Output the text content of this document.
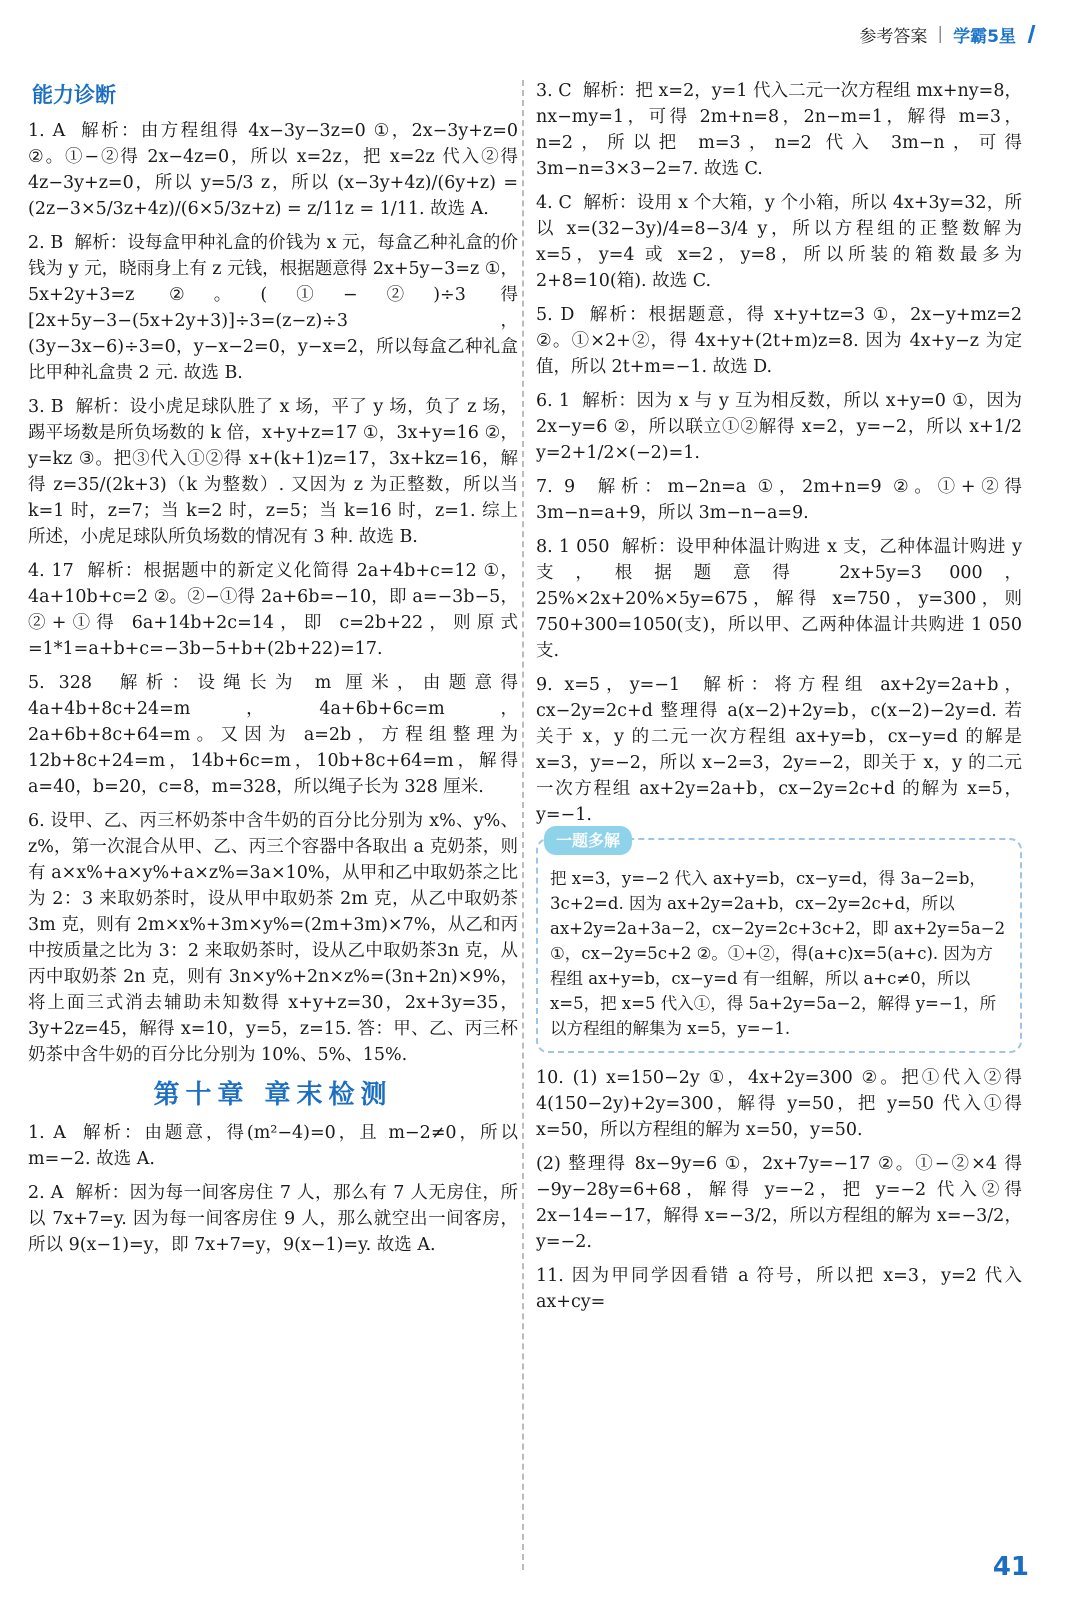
参考答案 | 学霸5星
能力诊断

1. A  解析：由方程组得 4x−3y−3z=0 ①，2x−3y+z=0 ②。①−②得 2x−4z=0，所以 x=2z，把 x=2z 代入②得 4z−3y+z=0，所以 y=5/3 z，所以 (x−3y+4z)/(6y+z) = (2z−3×5/3z+4z)/(6×5/3z+z) = z/11z = 1/11. 故选 A.

2. B  解析：设每盒甲种礼盒的价钱为 x 元，每盒乙种礼盒的价钱为 y 元，晓雨身上有 z 元钱，根据题意得 2x+5y−3=z ①，5x+2y+3=z ②。(①−②)÷3 得[2x+5y−3−(5x+2y+3)]÷3=(z−z)÷3，(3y−3x−6)÷3=0，y−x−2=0，y−x=2，所以每盒乙种礼盒比甲种礼盒贵 2 元. 故选 B.

3. B  解析：设小虎足球队胜了 x 场，平了 y 场，负了 z 场，踢平场数是所负场数的 k 倍，x+y+z=17 ①，3x+y=16 ②，y=kz ③。把③代入①②得 x+(k+1)z=17，3x+kz=16，解得 z=35/(2k+3)（k 为整数）. 又因为 z 为正整数，所以当 k=1 时，z=7；当 k=2 时，z=5；当 k=16 时，z=1. 综上所述，小虎足球队所负场数的情况有 3 种. 故选 B.

4. 17  解析：根据题中的新定义化简得 2a+4b+c=12 ①，4a+10b+c=2 ②。②−①得 2a+6b=−10，即 a=−3b−5，②+①得 6a+14b+2c=14，即 c=2b+22，则原式=1*1=a+b+c=−3b−5+b+(2b+22)=17.

5. 328  解析：设绳长为 m 厘米，由题意得 4a+4b+8c+24=m，4a+6b+6c=m，2a+6b+8c+64=m。又因为 a=2b，方程组整理为 12b+8c+24=m，14b+6c=m，10b+8c+64=m，解得 a=40，b=20，c=8，m=328，所以绳子长为 328 厘米.

6. 设甲、乙、丙三杯奶茶中含牛奶的百分比分别为 x%、y%、z%，第一次混合从甲、乙、丙三个容器中各取出 a 克奶茶，则有 a×x%+a×y%+a×z%=3a×10%，从甲和乙中取奶茶之比为 2：3 来取奶茶时，设从甲中取奶茶 2m 克，从乙中取奶茶 3m 克，则有 2m×x%+3m×y%=(2m+3m)×7%，从乙和丙中按质量之比为 3：2 来取奶茶时，设从乙中取奶茶3n 克，从丙中取奶茶 2n 克，则有 3n×y%+2n×z%=(3n+2n)×9%，将上面三式消去辅助未知数得 x+y+z=30，2x+3y=35，3y+2z=45，解得 x=10，y=5，z=15. 答：甲、乙、丙三杯奶茶中含牛奶的百分比分别为 10%、5%、15%.

第十章 章末检测

1. A  解析：由题意，得(m²−4)=0，且 m−2≠0，所以 m=−2. 故选 A.

2. A  解析：因为每一间客房住 7 人，那么有 7 人无房住，所以 7x+7=y. 因为每一间客房住 9 人，那么就空出一间客房，所以 9(x−1)=y，即 7x+7=y，9(x−1)=y. 故选 A.

3. C  解析：把 x=2，y=1 代入二元一次方程组 mx+ny=8，nx−my=1，可得 2m+n=8，2n−m=1，解得 m=3，n=2，所以把 m=3，n=2 代入 3m−n，可得3m−n=3×3−2=7. 故选 C.

4. C  解析：设用 x 个大箱，y 个小箱，所以 4x+3y=32，所以 x=(32−3y)/4=8−3/4 y，所以方程组的正整数解为 x=5，y=4 或 x=2，y=8，所以所装的箱数最多为 2+8=10(箱). 故选 C.

5. D  解析：根据题意，得 x+y+tz=3 ①，2x−y+mz=2 ②。①×2+②，得 4x+y+(2t+m)z=8. 因为 4x+y−z 为定值，所以 2t+m=−1. 故选 D.

6. 1  解析：因为 x 与 y 互为相反数，所以 x+y=0 ①，因为 2x−y=6 ②，所以联立①②解得 x=2，y=−2，所以 x+1/2 y=2+1/2×(−2)=1.

7. 9  解析：m−2n=a ①，2m+n=9 ②。①+②得 3m−n=a+9，所以 3m−n−a=9.

8. 1 050  解析：设甲种体温计购进 x 支，乙种体温计购进 y 支，根据题意得 2x+5y=3 000，25%×2x+20%×5y=675，解得 x=750，y=300，则 750+300=1050(支)，所以甲、乙两种体温计共购进 1 050 支.

9. x=5，y=−1  解析：将方程组 ax+2y=2a+b，cx−2y=2c+d 整理得 a(x−2)+2y=b，c(x−2)−2y=d. 若关于 x，y 的二元一次方程组 ax+y=b，cx−y=d 的解是 x=3，y=−2，所以 x−2=3，2y=−2，即关于 x，y 的二元一次方程组 ax+2y=2a+b，cx−2y=2c+d 的解为 x=5，y=−1.

一题多解
把 x=3，y=−2 代入 ax+y=b，cx−y=d，得 3a−2=b，3c+2=d. 因为 ax+2y=2a+b，cx−2y=2c+d，所以 ax+2y=2a+3a−2，cx−2y=2c+3c+2，即 ax+2y=5a−2 ①，cx−2y=5c+2 ②。①+②，得(a+c)x=5(a+c). 因为方程组 ax+y=b，cx−y=d 有一组解，所以 a+c≠0，所以 x=5，把 x=5 代入①，得 5a+2y=5a−2，解得 y=−1，所以方程组的解集为 x=5，y=−1.

10. (1) x=150−2y ①，4x+2y=300 ②。把①代入②得 4(150−2y)+2y=300，解得 y=50，把 y=50 代入①得 x=50，所以方程组的解为 x=50，y=50.

(2) 整理得 8x−9y=6 ①，2x+7y=−17 ②。①−②×4 得 −9y−28y=6+68，解得 y=−2，把 y=−2 代入②得 2x−14=−17，解得 x=−3/2，所以方程组的解为 x=−3/2，y=−2.

11. 因为甲同学因看错 a 符号，所以把 x=3，y=2 代入 ax+cy=

41
